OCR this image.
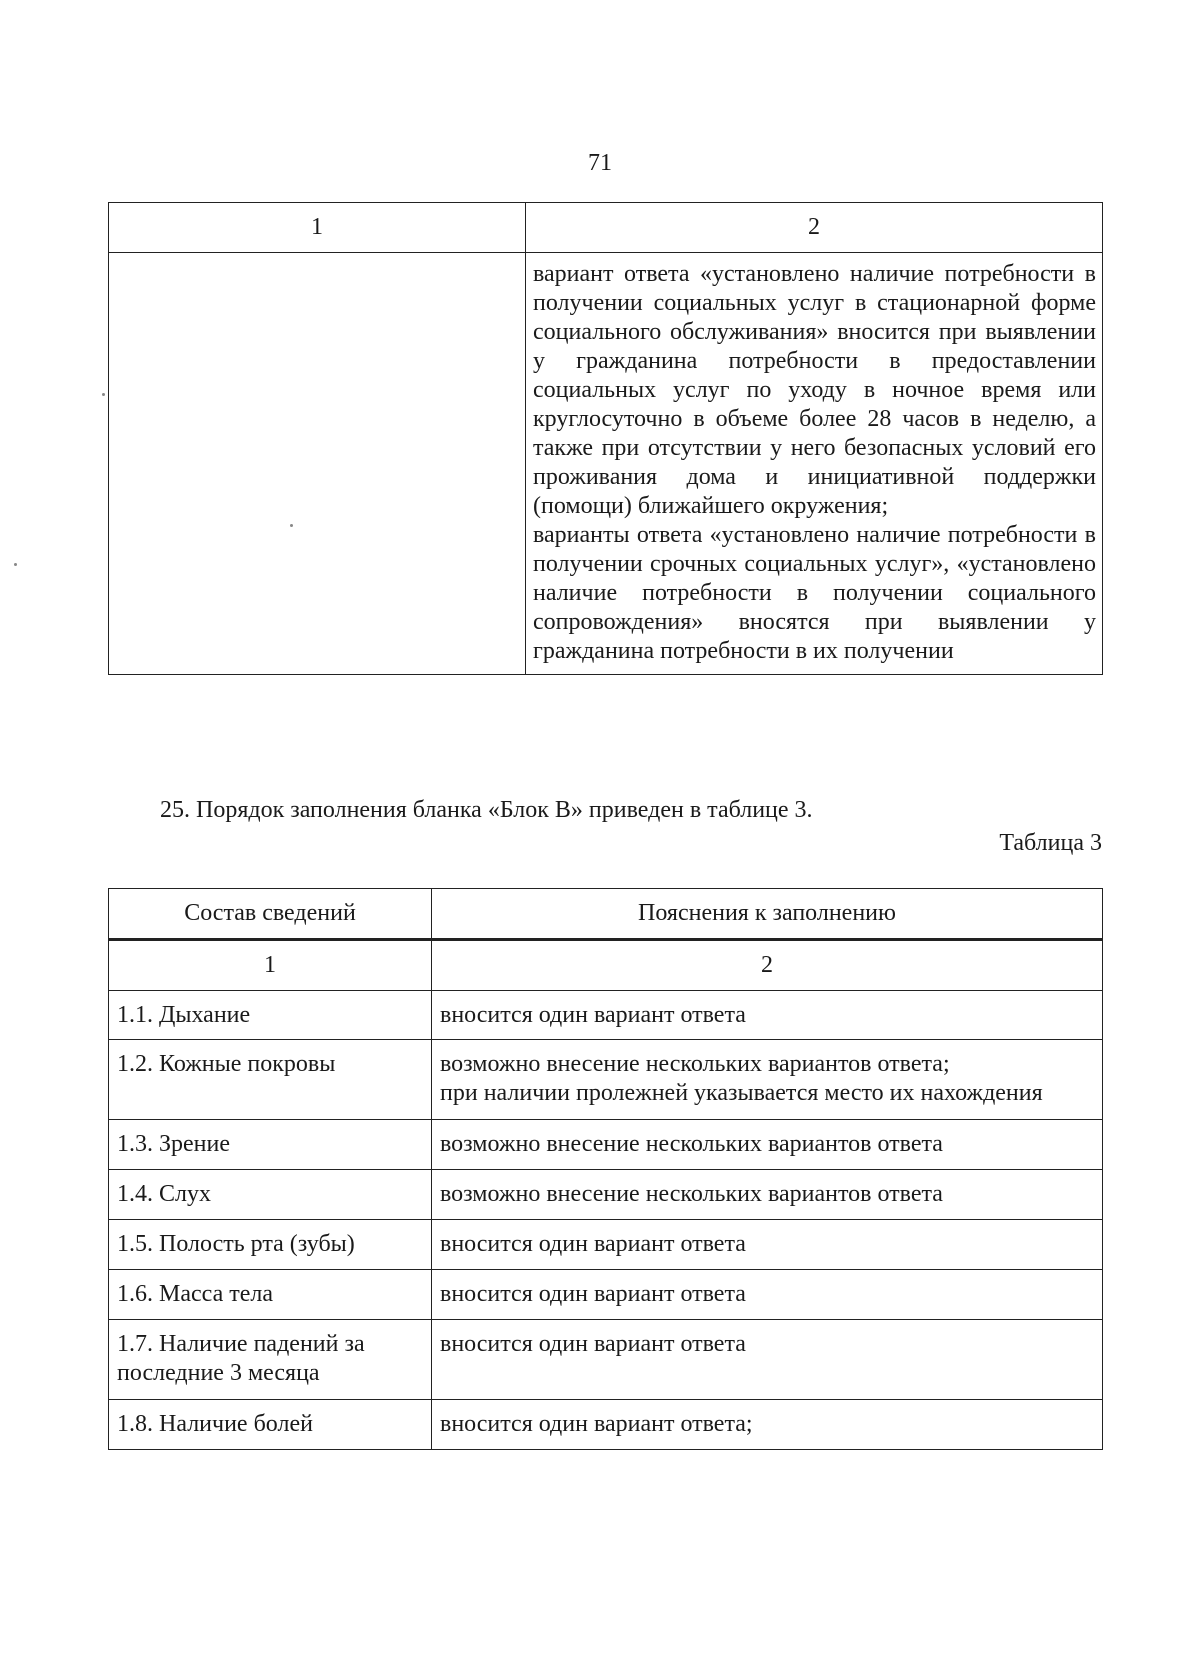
71
1	2

	вариант ответа «установлено наличие потребности в получении социальных услуг в стационарной форме социального обслуживания» вносится при выявлении у гражданина потребности в предоставлении социальных услуг по уходу в ночное время или круглосуточно в объеме более 28 часов в неделю, а также при отсутствии у него безопасных условий его проживания дома и инициативной поддержки (помощи) ближайшего окружения;

варианты ответа «установлено наличие потребности в получении срочных социальных услуг», «установлено наличие потребности в получении социального сопровождения» вносятся при выявлении у гражданина потребности в их получении

25. Порядок заполнения бланка «Блок В» приведен в таблице 3.
Таблица 3
Состав сведений	Пояснения к заполнению
1	2
1.1. Дыхание	вносится один вариант ответа
1.2. Кожные покровы	возможно внесение нескольких вариантов ответа;
при наличии пролежней указывается место их нахождения
1.3. Зрение	возможно внесение нескольких вариантов ответа
1.4. Слух	возможно внесение нескольких вариантов ответа
1.5. Полость рта (зубы)	вносится один вариант ответа
1.6. Масса тела	вносится один вариант ответа
1.7. Наличие падений за последние 3 месяца	вносится один вариант ответа
1.8. Наличие болей	вносится один вариант ответа;
